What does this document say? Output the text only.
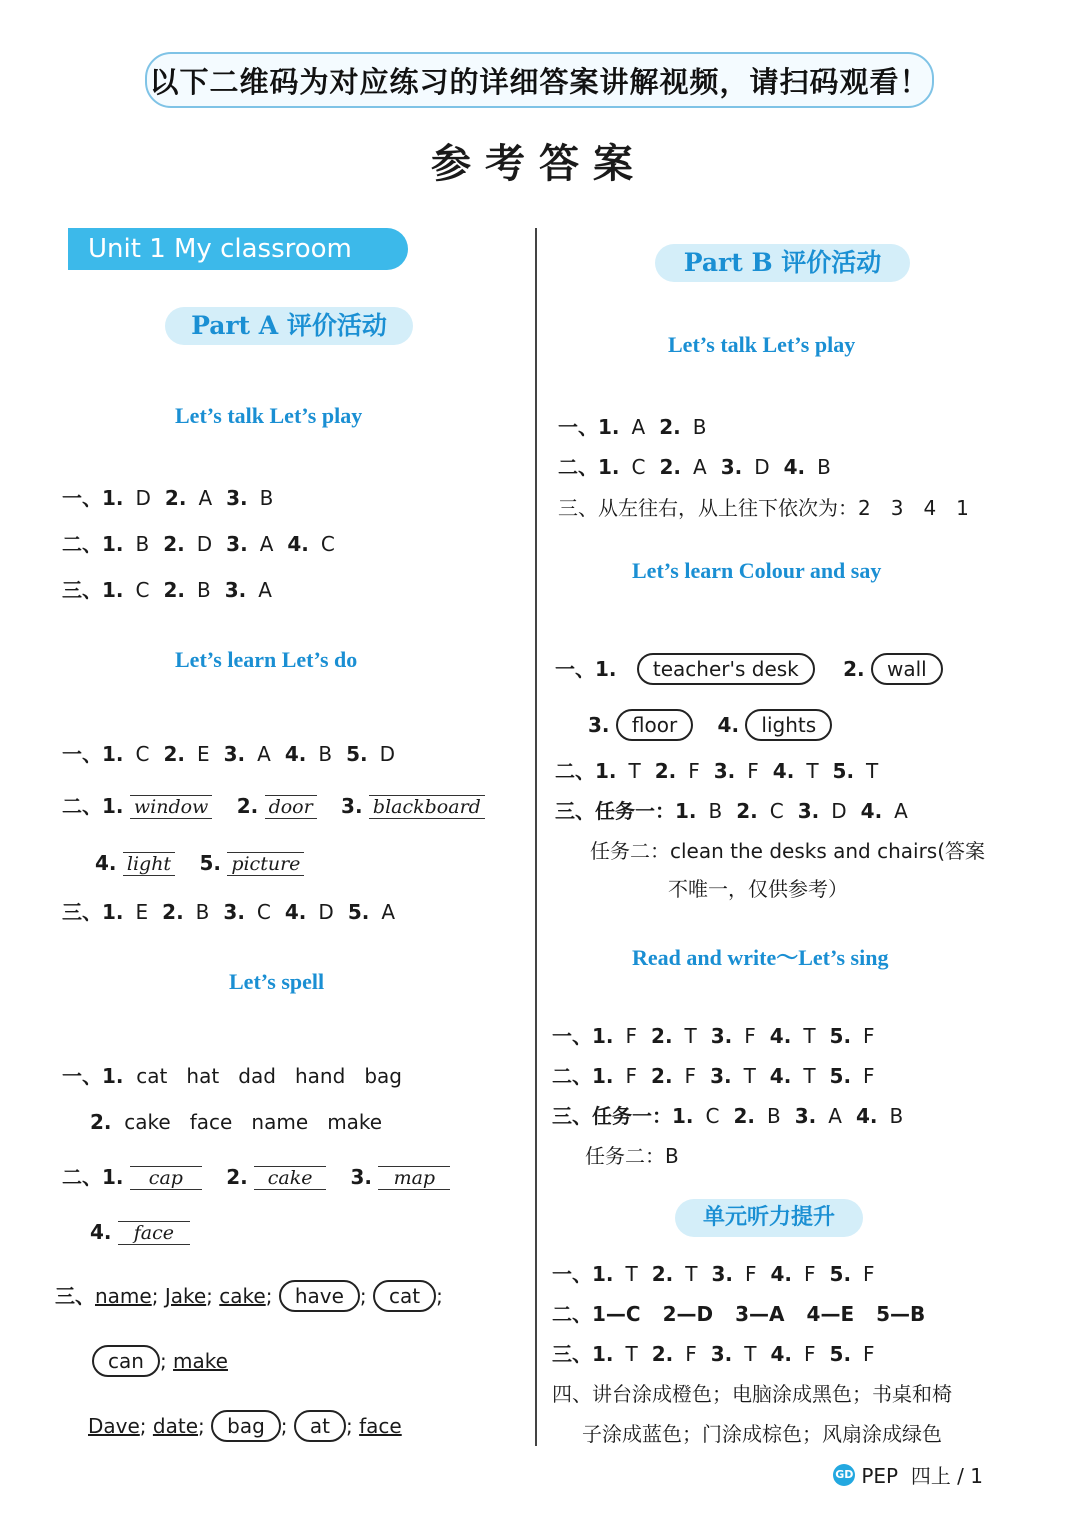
以下二维码为对应练习的详细答案讲解视频，请扫码观看！
参考答案
Unit 1 My classroom
Part A 评价活动
Let’s talk Let’s play
一、1. D 2. A 3. B
二、1. B 2. D 3. A 4. C
三、1. C 2. B 3. A
Let’s learn Let’s do
一、1. C 2. E 3. A 4. B 5. D
二、1. window 2. door 3. blackboard
4. light 5. picture
三、1. E 2. B 3. C 4. D 5. A
Let’s spell
一、1. cat   hat   dad   hand   bag
2. cake   face   name   make
二、1. cap 2. cake 3. map
4. face
三、name; Jake; cake; have ; cat ;
can ; make
Dave; date; bag ; at ; face
Part B 评价活动
Let’s talk Let’s play
一、1. A 2. B
二、1. C 2. A 3. D 4. B
三、从左往右，从上往下依次为：2　3　4　1
Let’s learn Colour and say
一、1. teacher's desk 2. wall
3. floor 4. lights
二、1. T 2. F 3. F 4. T 5. T
三、任务一：1. B 2. C 3. D 4. A
任务二：clean the desks and chairs(答案
不唯一，仅供参考）
Read and write～Let’s sing
一、1. F 2. T 3. F 4. T 5. F
二、1. F 2. F 3. T 4. T 5. F
三、任务一：1. C 2. B 3. A 4. B
任务二：B
单元听力提升
一、1. T 2. T 3. F 4. F 5. F
二、1—C 2—D 3—A 4—E 5—B
三、1. T 2. F 3. T 4. F 5. F
四、讲台涂成橙色；电脑涂成黑色；书桌和椅
子涂成蓝色；门涂成棕色；风扇涂成绿色
GD PEP  四上 / 1
